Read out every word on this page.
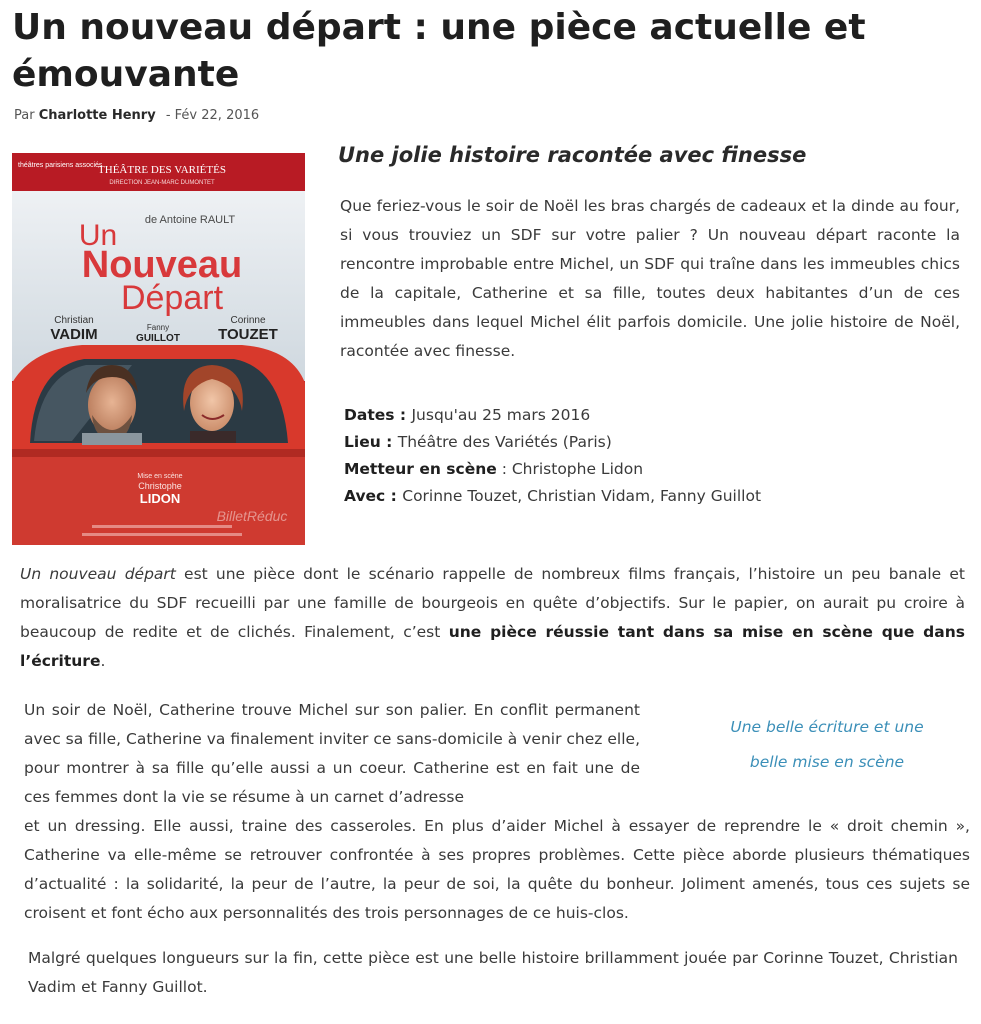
Un nouveau départ : une pièce actuelle et émouvante
Par Charlotte Henry - Fév 22, 2016
théâtres parisiens associés
THÉÂTRE DES VARIÉTÉS
DIRECTION JEAN-MARC DUMONTET
de Antoine RAULT
Un
Nouveau
Départ
Christian
VADIM	Fanny
GUILLOT
Corinne
TOUZET
Mise en scène
Christophe
LIDON
BilletRéduc
Une jolie histoire racontée avec finesse

Que feriez-vous le soir de Noël les bras chargés de cadeaux et la dinde au four, si vous trouviez un SDF sur votre palier ? Un nouveau départ raconte la rencontre improbable entre Michel, un SDF qui traîne dans les immeubles chics de la capitale, Catherine et sa fille, toutes deux habitantes d’un de ces immeubles dans lequel Michel élit parfois domicile. Une jolie histoire de Noël, racontée avec finesse.

Dates : Jusqu'au 25 mars 2016
Lieu : Théâtre des Variétés (Paris)
Metteur en scène : Christophe Lidon
Avec : Corinne Touzet, Christian Vidam, Fanny Guillot

Un nouveau départ est une pièce dont le scénario rappelle de nombreux films français, l’histoire un peu banale et moralisatrice du SDF recueilli par une famille de bourgeois en quête d’objectifs. Sur le papier, on aurait pu croire à beaucoup de redite et de clichés. Finalement, c’est une pièce réussie tant dans sa mise en scène que dans l’écriture.

Un soir de Noël, Catherine trouve Michel sur son palier. En conflit permanent avec sa fille, Catherine va finalement inviter ce sans-domicile à venir chez elle, pour montrer à sa fille qu’elle aussi a un coeur. Catherine est en fait une de ces femmes dont la vie se résume à un carnet d’adresse

Une belle écriture et une belle mise en scène

et un dressing. Elle aussi, traine des casseroles. En plus d’aider Michel à essayer de reprendre le « droit chemin », Catherine va elle-même se retrouver confrontée à ses propres problèmes. Cette pièce aborde plusieurs thématiques d’actualité : la solidarité, la peur de l’autre, la peur de soi, la quête du bonheur. Joliment amenés, tous ces sujets se croisent et font écho aux personnalités des trois personnages de ce huis-clos.

Malgré quelques longueurs sur la fin, cette pièce est une belle histoire brillamment jouée par Corinne Touzet, Christian Vadim et Fanny Guillot.
